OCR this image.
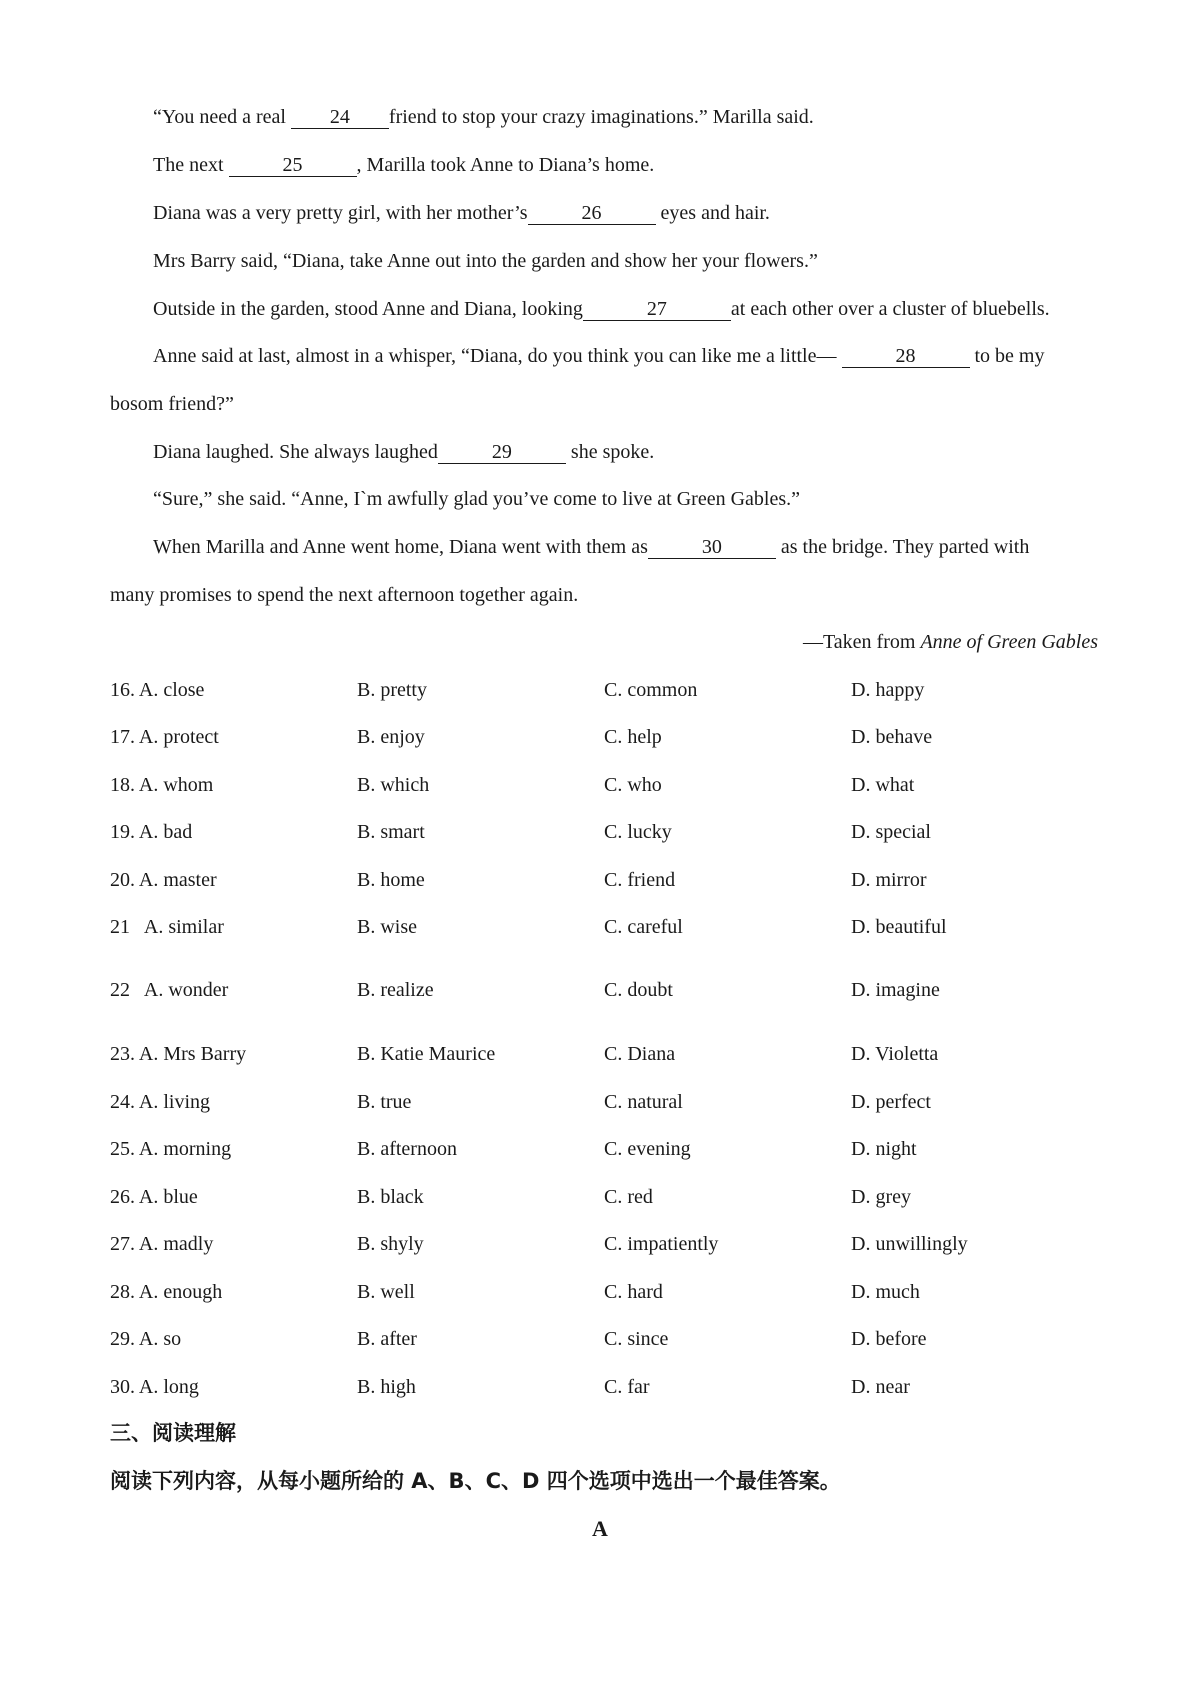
“You need a real 24 friend to stop your crazy imaginations.” Marilla said.
The next	25	, Marilla took Anne to Diana’s home.
Diana was a very pretty girl, with her mother’s	26	eyes and hair.
Mrs Barry said, “Diana, take Anne out into the garden and show her your flowers.”
Outside in the garden, stood Anne and Diana, looking	27	at each other over a cluster of bluebells.
Anne said at last, almost in a whisper, “Diana, do you think you can like me a little—	28	to be my
bosom friend?”
Diana laughed. She always laughed	29	she spoke.
“Sure,” she said. “Anne, I`m awfully glad you’ve come to live at Green Gables.”
When Marilla and Anne went home, Diana went with them as	30	as the bridge. They parted with
many promises to spend the next afternoon together again.
—Taken from Anne of Green Gables
16. A. close	B. pretty	C. common	D. happy
17. A. protect	B. enjoy	C. help	D. behave
18. A. whom	B. which	C. who	D. what
19. A. bad	B. smart	C. lucky	D. special
20. A. master	B. home	C. friend	D. mirror
21   A. similar	B. wise	C. careful	D. beautiful
22   A. wonder	B. realize	C. doubt	D. imagine
23. A. Mrs Barry	B. Katie Maurice	C. Diana	D. Violetta
24. A. living	B. true	C. natural	D. perfect
25. A. morning	B. afternoon	C. evening	D. night
26. A. blue	B. black	C. red	D. grey
27. A. madly	B. shyly	C. impatiently	D. unwillingly
28. A. enough	B. well	C. hard	D. much
29. A. so	B. after	C. since	D. before
30. A. long	B. high	C. far	D. near
三、阅读理解
阅读下列内容，从每小题所给的 A、B、C、D 四个选项中选出一个最佳答案。
A
